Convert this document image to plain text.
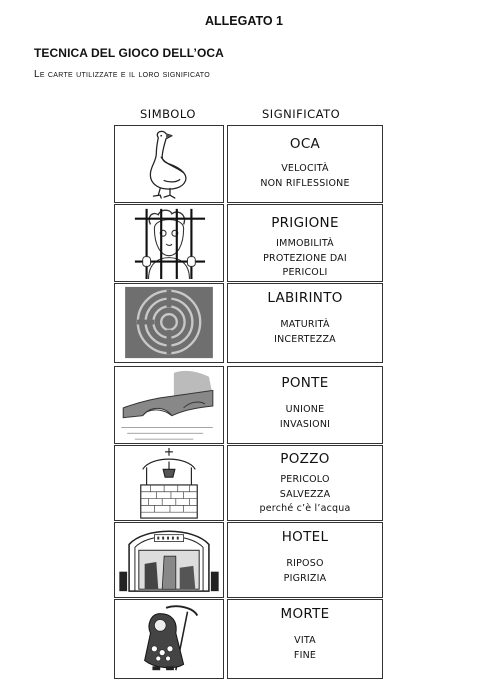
ALLEGATO 1
TECNICA DEL GIOCO DELL’OCA
Le carte utilizzate e il loro significato
SIMBOLO	SIGNIFICATO
OCA
VELOCITÀ
NON RIFLESSIONE
PRIGIONE
IMMOBILITÀ
PROTEZIONE DAI
PERICOLI
LABIRINTO
MATURITÀ
INCERTEZZA
PONTE
UNIONE
INVASIONI
POZZO
PERICOLO
SALVEZZA
perché c’è l’acqua
HOTEL
RIPOSO
PIGRIZIA
MORTE
VITA
FINE
